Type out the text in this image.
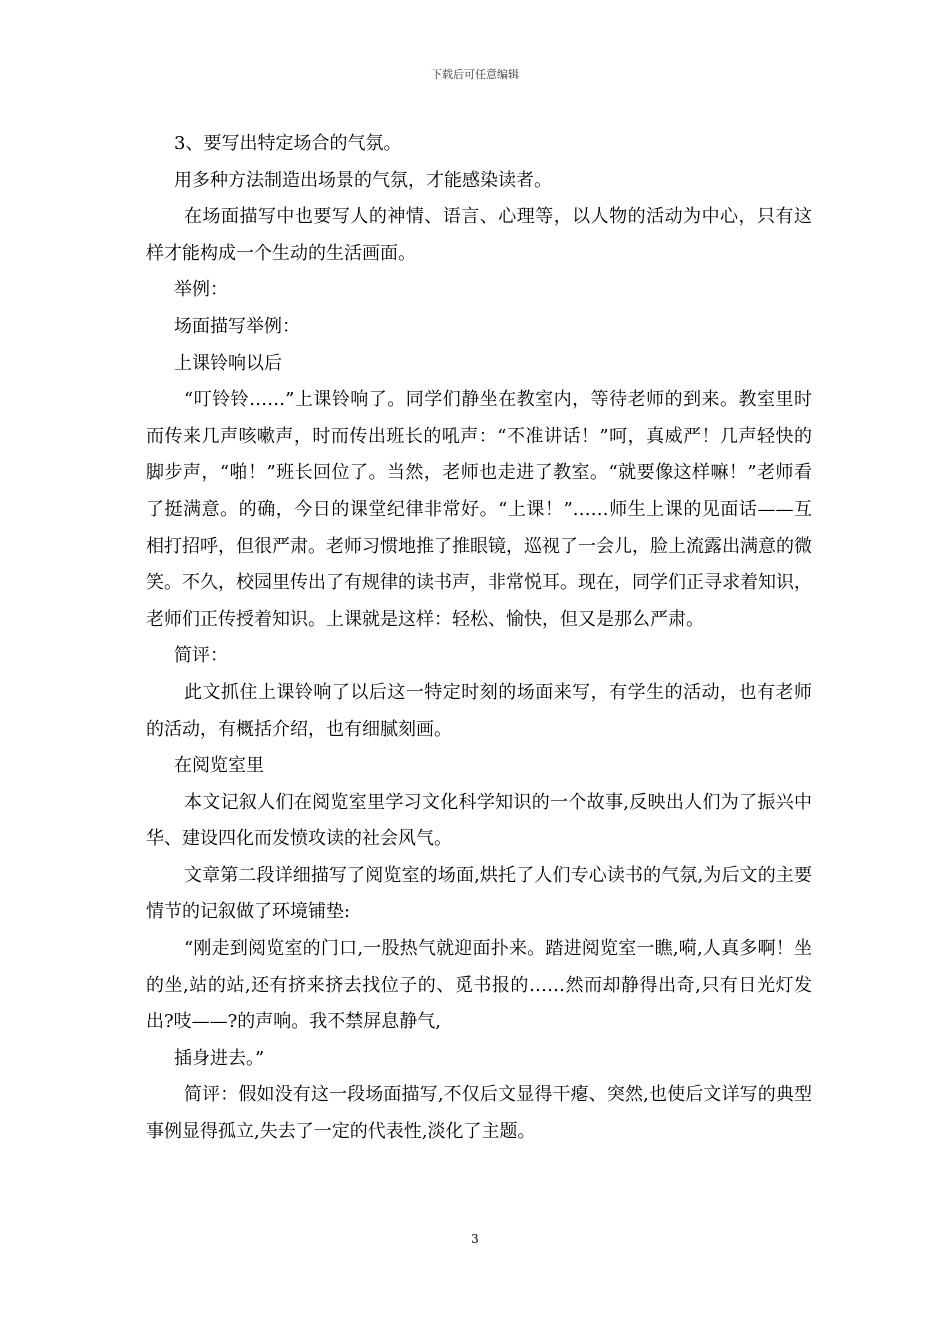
下载后可任意编辑

3、要写出特定场合的气氛。

用多种方法制造出场景的气氛，才能感染读者。

在场面描写中也要写人的神情、语言、心理等，以人物的活动为中心，只有这样才能构成一个生动的生活画面。

举例：

场面描写举例：

上课铃响以后

“叮铃铃……”上课铃响了。同学们静坐在教室内，等待老师的到来。教室里时而传来几声咳嗽声，时而传出班长的吼声：“不准讲话！”呵，真威严！几声轻快的脚步声，“啪！”班长回位了。当然，老师也走进了教室。“就要像这样嘛！”老师看了挺满意。的确，今日的课堂纪律非常好。“上课！”……师生上课的见面话——互相打招呼，但很严肃。老师习惯地推了推眼镜，巡视了一会儿，脸上流露出满意的微笑。不久，校园里传出了有规律的读书声，非常悦耳。现在，同学们正寻求着知识，老师们正传授着知识。上课就是这样：轻松、愉快，但又是那么严肃。

简评：

此文抓住上课铃响了以后这一特定时刻的场面来写，有学生的活动，也有老师的活动，有概括介绍，也有细腻刻画。

在阅览室里

本文记叙人们在阅览室里学习文化科学知识的一个故事,反映出人们为了振兴中华、建设四化而发愤攻读的社会风气。

文章第二段详细描写了阅览室的场面,烘托了人们专心读书的气氛,为后文的主要情节的记叙做了环境铺垫:

“刚走到阅览室的门口,一股热气就迎面扑来。踏进阅览室一瞧,嗬,人真多啊！坐的坐,站的站,还有挤来挤去找位子的、觅书报的……然而却静得出奇,只有日光灯发出?吱——?的声响。我不禁屏息静气,

插身进去。”

简评：假如没有这一段场面描写,不仅后文显得干瘪、突然,也使后文详写的典型事例显得孤立,失去了一定的代表性,淡化了主题。

3
